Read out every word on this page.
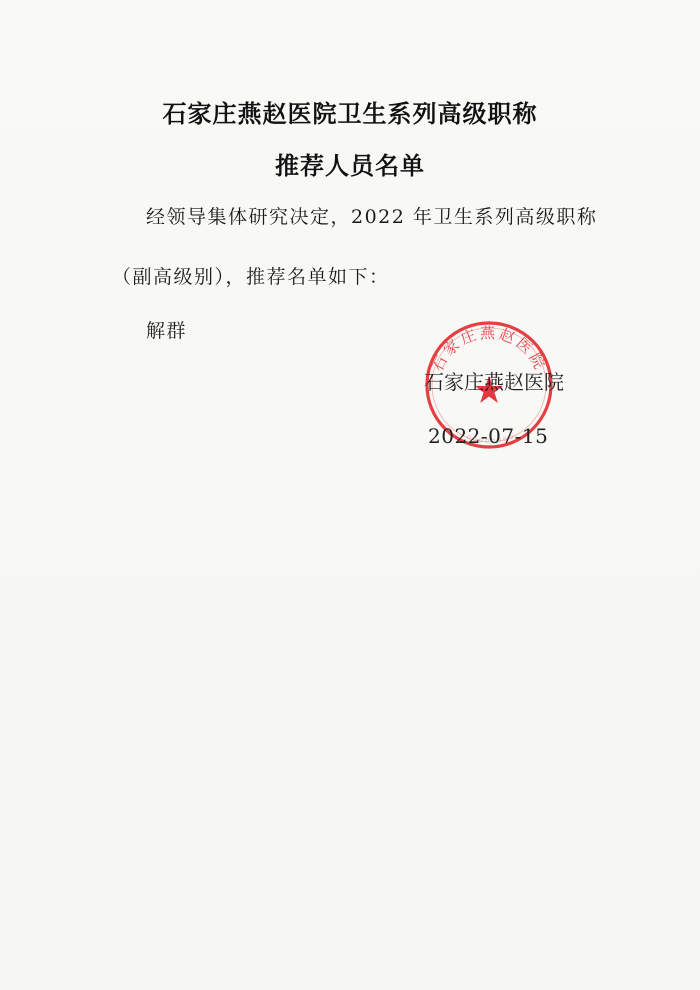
石家庄燕赵医院卫生系列高级职称
推荐人员名单
经领导集体研究决定，2022 年卫生系列高级职称
（副高级别），推荐名单如下：
解群
石家庄燕赵医院
石家庄燕赵医院
2022-07-15
